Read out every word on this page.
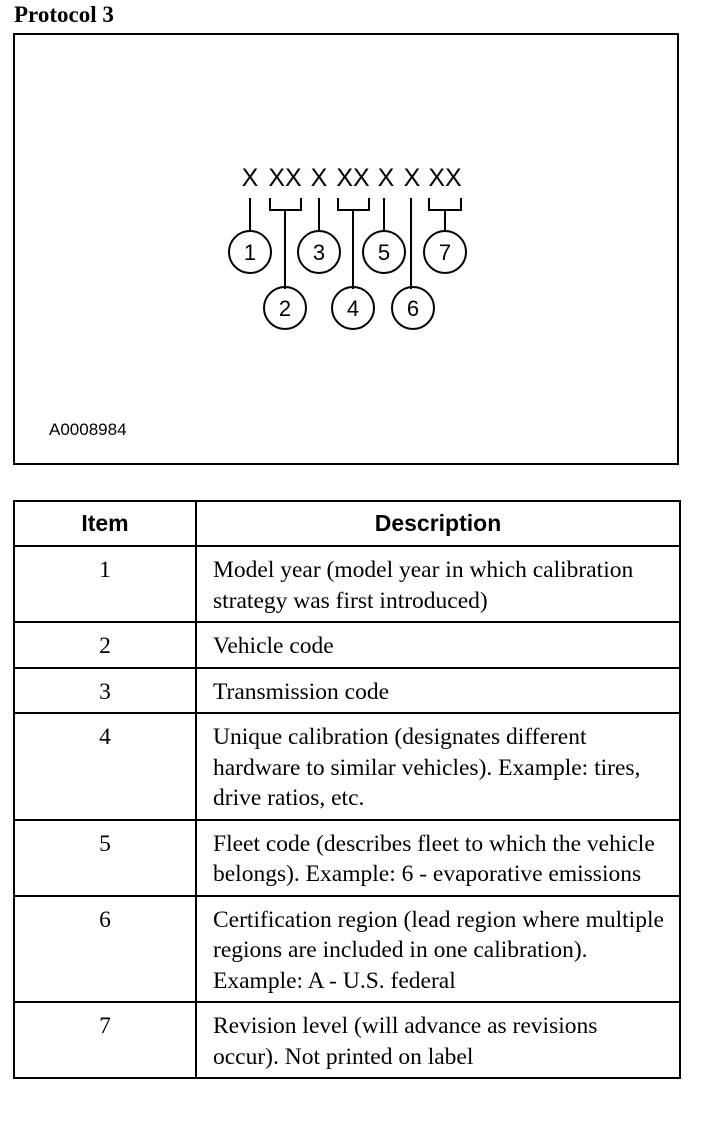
Protocol 3
X XX X XX X X XX
1	3 5 7
2	4 6
A0008984
Item	Description
1	Model year (model year in which calibration strategy was first introduced)
2	Vehicle code
3	Transmission code
4	Unique calibration (designates different hardware to similar vehicles). Example: tires, drive ratios, etc.
5	Fleet code (describes fleet to which the vehicle belongs). Example: 6 - evaporative emissions
6	Certification region (lead region where multiple regions are included in one calibration). Example: A - U.S. federal
7	Revision level (will advance as revisions occur). Not printed on label
